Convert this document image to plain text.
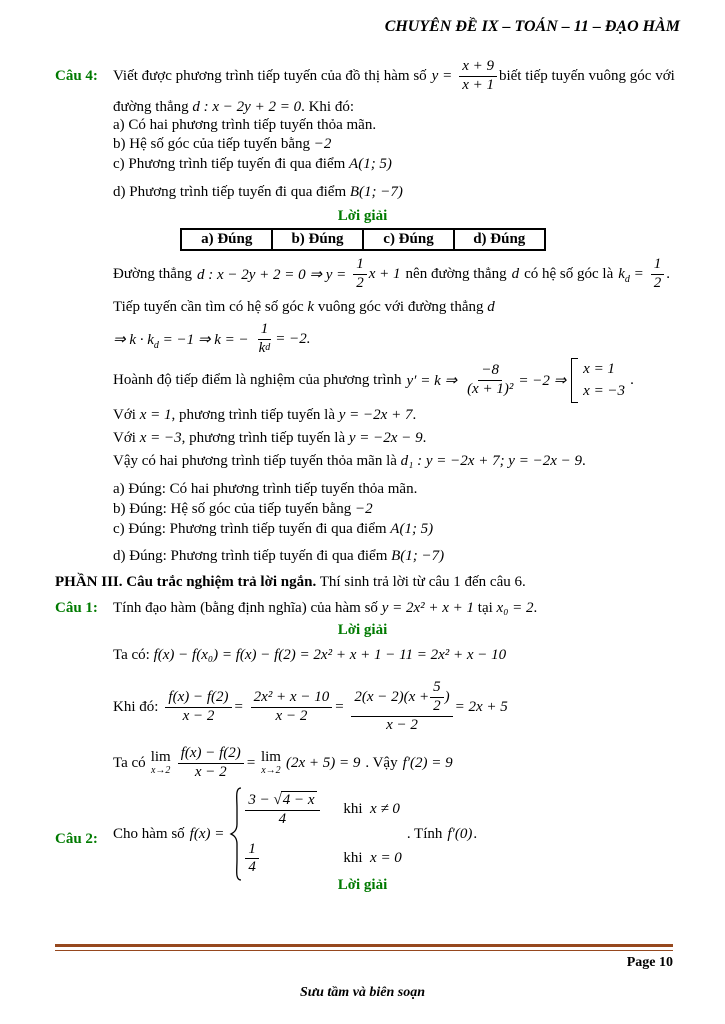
CHUYÊN ĐỀ IX – TOÁN – 11 – ĐẠO HÀM
Câu 4: Viết được phương trình tiếp tuyến của đồ thị hàm số $y = \frac{x + 9}{x + 1}$ biết tiếp tuyến vuông góc với
đường thẳng d : x − 2y + 2 = 0. Khi đó:
a) Có hai phương trình tiếp tuyến thỏa mãn.
b) Hệ số góc của tiếp tuyến bằng −2
c) Phương trình tiếp tuyến đi qua điểm A(1; 5)
d) Phương trình tiếp tuyến đi qua điểm B(1; −7)
Lời giải
a) Đúng	b) Đúng	c) Đúng	d) Đúng
Đường thẳng d : x − 2y + 2 = 0 ⇒ $y = \frac{1}{2}$ x + 1 nên đường thẳng d có hệ số góc là $k_d = \frac{1}{2}$ .
Tiếp tuyến cần tìm có hệ số góc k vuông góc với đường thẳng d
⇒ $k \cdot k_d = -1$ ⇒ k = − $\frac{1}{\text{k d}} = -2$.
Hoành độ tiếp điểm là nghiệm của phương trình y′ = k ⇒ $\frac{-8}{\text{(x + 1)²}} = -2$ ⇒
x = 1
x = −3
.
Với x = 1, phương trình tiếp tuyến là y = −2x + 7.
Với x = −3, phương trình tiếp tuyến là y = −2x − 9.
Vậy có hai phương trình tiếp tuyến thỏa mãn là d₁ : y = −2x + 7; y = −2x − 9.
a) Đúng: Có hai phương trình tiếp tuyến thỏa mãn.
b) Đúng: Hệ số góc của tiếp tuyến bằng −2
c) Đúng: Phương trình tiếp tuyến đi qua điểm A(1; 5)
d) Đúng: Phương trình tiếp tuyến đi qua điểm B(1; −7)
PHẦN III. Câu trắc nghiệm trả lời ngắn. Thí sinh trả lời từ câu 1 đến câu 6.
Câu 1: Tính đạo hàm (bằng định nghĩa) của hàm số y = 2x² + x + 1 tại x₀ = 2.
Lời giải
Ta có: f(x) − f(x₀) = f(x) − f(2) = 2x² + x + 1 − 11 = 2x² + x − 10
Khi đó: $\frac{f(x) - f(2)}{x - 2} = \frac{\text{2x² + x − 10}}{x - 2} = \frac{2(x - 2)(x + \frac{5}{2} )}{x - 2} = 2x + 5$
Ta có lim
$x\to 2 \frac{f(x) - f(2)}{x - 2} = \lim$
x→2 (2x + 5) = 9 . Vậy f′(2) = 9
Câu 2: Cho hàm số f(x) =
3 −
√ 4 − x
4 khi x ≠ 0
$\frac{1}{4}$	khi x = 0
. Tính f′(0) .
Lời giải
Page 10
Sưu tầm và biên soạn
